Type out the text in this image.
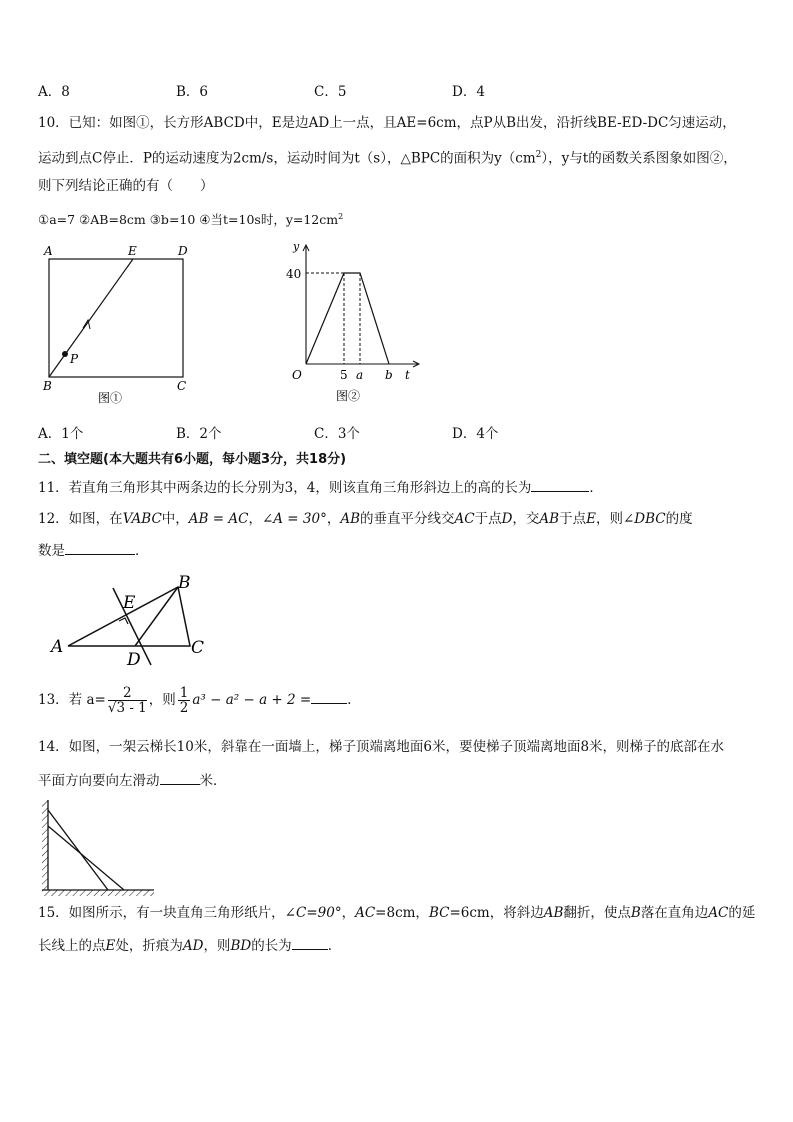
A．8	B．6	C．5	D．4
10．已知：如图①，长方形ABCD中，E是边AD上一点，且AE=6cm，点P从B出发，沿折线BE-ED-DC匀速运动，
运动到点C停止．P的运动速度为2cm/s，运动时间为t（s），△BPC的面积为$y(cm^2)$，y与t的函数关系图象如图②，
则下列结论正确的有（　　）
①a=7 ②AB=8cm ③b=10 ④当t=10s时，$y=12cm^2$
A	E	D
B	C
P
图①
y
40
O	5 a b t
图②
A．1个	B．2个	C．3个	D．4个
二、填空题(本大题共有6小题，每小题3分，共18分)
11．若直角三角形其中两条边的长分别为3，4，则该直角三角形斜边上的高的长为	．
12．如图，在VABC中，AB = AC，∠A = 30°，AB的垂直平分线交AC于点D，交AB于点E，则∠DBC的度
数是	．
A
B
C
D
E
13．若 $a= \frac{2}{√3 - 1}$ ，则 $\frac{1}{2} a^3 - a^2 - a + 2$ =	．
14．如图，一架云梯长10米，斜靠在一面墙上，梯子顶端离地面6米，要使梯子顶端离地面8米，则梯子的底部在水
平面方向要向左滑动	米．
15．如图所示，有一块直角三角形纸片，∠C=90°，AC=8cm，BC=6cm，将斜边AB翻折，使点B落在直角边AC的延
长线上的点E处，折痕为AD，则BD的长为	．
